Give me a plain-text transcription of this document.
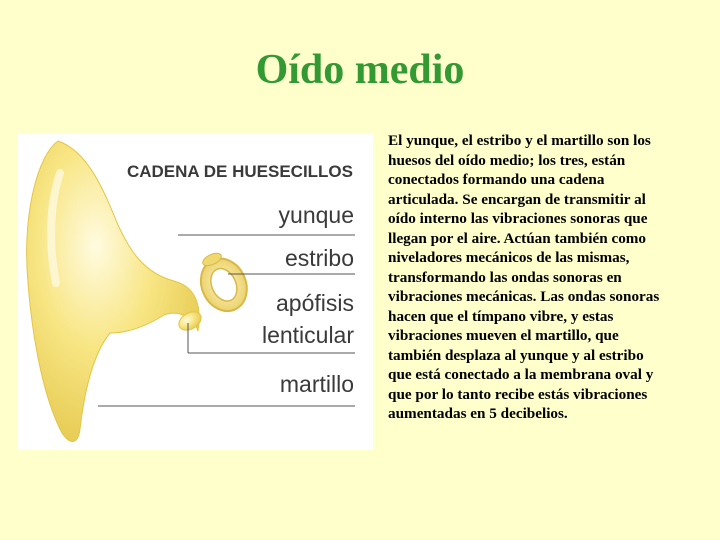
Oído medio
CADENA DE HUESECILLOS
yunque
estribo
apófisis
lenticular
martillo

El yunque, el estribo y el martillo son los huesos del oído medio; los tres, están conectados formando una cadena articulada. Se encargan de transmitir al oído interno las vibraciones sonoras que llegan por el aire. Actúan también como niveladores mecánicos de las mismas, transformando las ondas sonoras en vibraciones mecánicas. Las ondas sonoras hacen que el tímpano vibre, y estas vibraciones mueven el martillo, que también desplaza al yunque y al estribo que está conectado a la membrana oval y que por lo tanto recibe estás vibraciones aumentadas en 5 decibelios.
